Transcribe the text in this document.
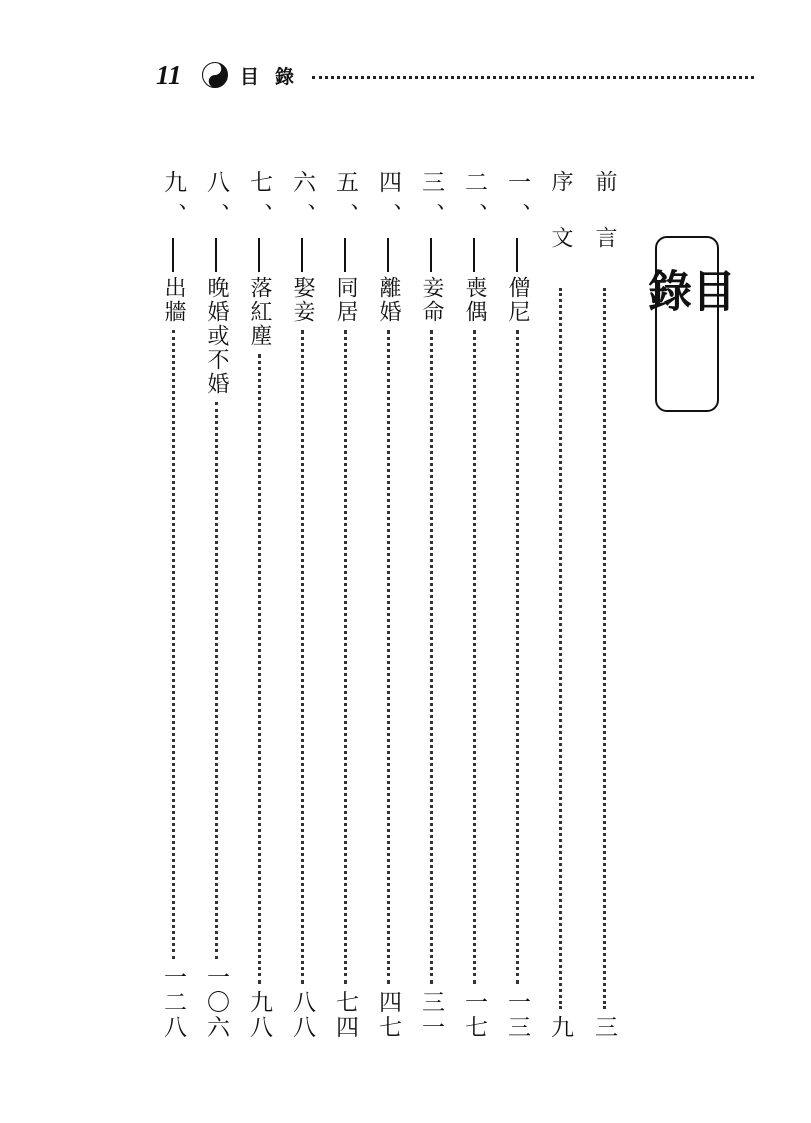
11	目錄
目錄
前言
三
序文
九
一、
僧尼
一三
二、
喪偶
一七
三、
妾命
三一
四、
離婚
四七
五、
同居
七四
六、
娶妾
八八
七、
落紅塵
九八
八、
晚婚或不婚
一〇六
九、
出牆
一二八
